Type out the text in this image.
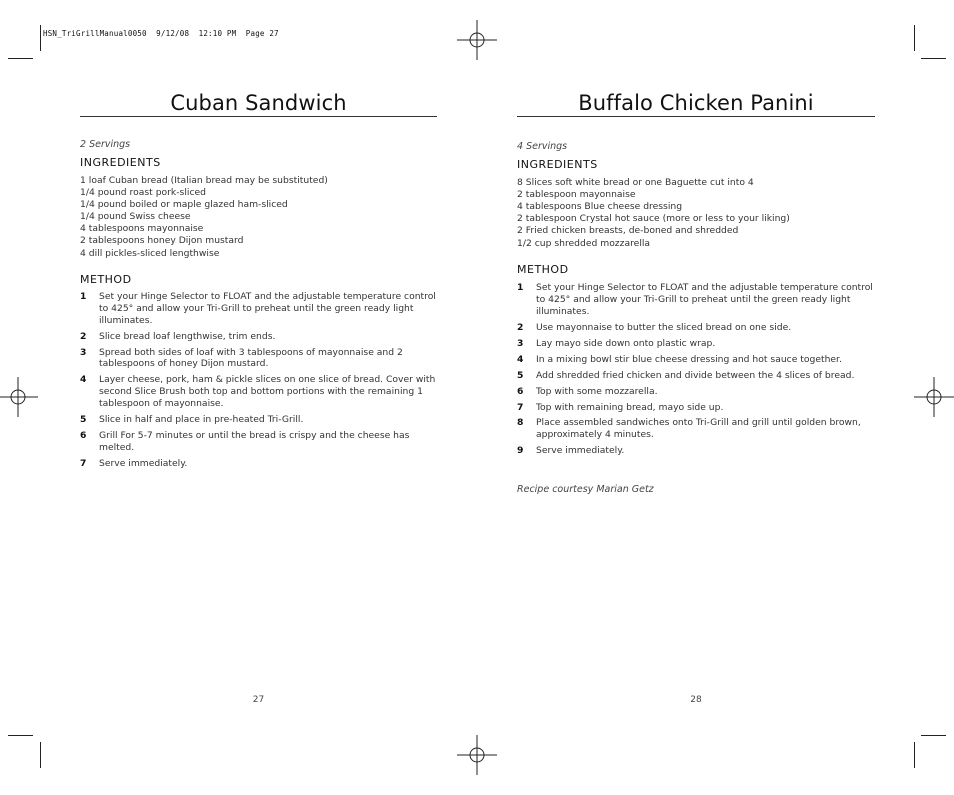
HSN_TriGrillManual0050  9/12/08  12:10 PM  Page 27
Cuban Sandwich
2 Servings
INGREDIENTS
1 loaf Cuban bread (Italian bread may be substituted)
1/4 pound roast pork-sliced
1/4 pound boiled or maple glazed ham-sliced
1/4 pound Swiss cheese
4 tablespoons mayonnaise
2 tablespoons honey Dijon mustard
4 dill pickles-sliced lengthwise
METHOD
1 Set your Hinge Selector to FLOAT and the adjustable temperature control to 425° and allow your Tri-Grill to preheat until the green ready light illuminates.
2 Slice bread loaf lengthwise, trim ends.
3 Spread both sides of loaf with 3 tablespoons of mayonnaise and 2 tablespoons of honey Dijon mustard.
4 Layer cheese, pork, ham & pickle slices on one slice of bread. Cover with second Slice Brush both top and bottom portions with the remaining 1 tablespoon of mayonnaise.
5 Slice in half and place in pre-heated Tri-Grill.
6 Grill For 5-7 minutes or until the bread is crispy and the cheese has melted.
7 Serve immediately.
27
Buffalo Chicken Panini
4 Servings
INGREDIENTS
8 Slices soft white bread or one Baguette cut into 4
2 tablespoon mayonnaise
4 tablespoons Blue cheese dressing
2 tablespoon Crystal hot sauce (more or less to your liking)
2 Fried chicken breasts, de-boned and shredded
1/2 cup shredded mozzarella
METHOD
1 Set your Hinge Selector to FLOAT and the adjustable temperature control to 425° and allow your Tri-Grill to preheat until the green ready light illuminates.
2 Use mayonnaise to butter the sliced bread on one side.
3 Lay mayo side down onto plastic wrap.
4 In a mixing bowl stir blue cheese dressing and hot sauce together.
5 Add shredded fried chicken and divide between the 4 slices of bread.
6 Top with some mozzarella.
7 Top with remaining bread, mayo side up.
8 Place assembled sandwiches onto Tri-Grill and grill until golden brown, approximately 4 minutes.
9 Serve immediately.
Recipe courtesy Marian Getz
28
